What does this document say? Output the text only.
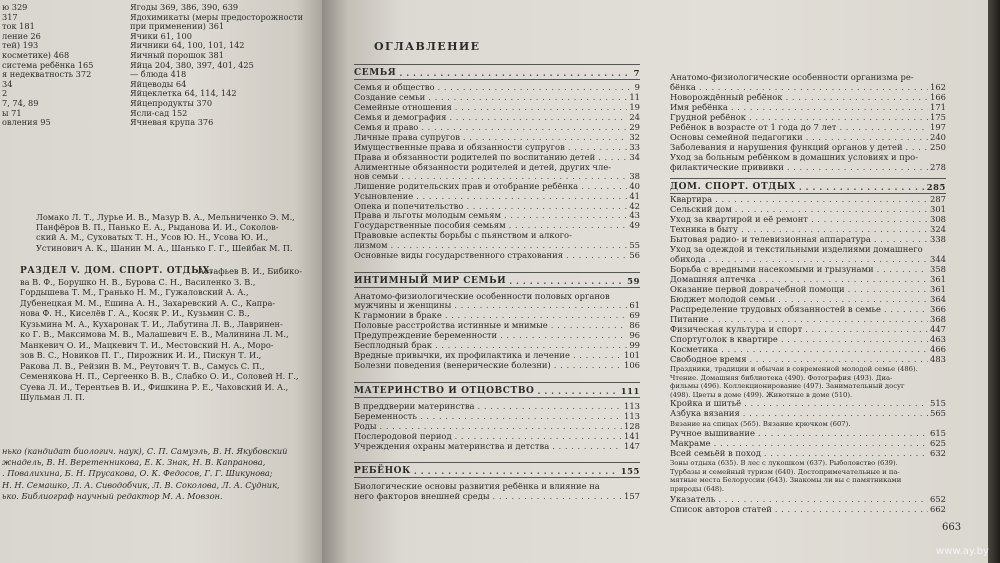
ю 329
317
ток 181
ление 26
тей) 193
косметике) 468
система ребёнка 165
я недекватность 372
34
2
7, 74, 89
ы 71
овления 95
Ягоды 369, 386, 390, 639
Ядохимикаты (меры предосторожности
при применении) 361
Ячики 61, 100
Яичники 64, 100, 101, 142
Яичный порошок 381
Яйца 204, 380, 397, 401, 425
— блюда 418
Яйцеводы 64
Яйцеклетка 64, 114, 142
Яйцепродукты 370
Ясли-сад 152
Ячневая крупа 376
Ломако Л. Т., Лурье И. В., Мазур В. А., Мельниченко Э. М.,
Панфёров В. П., Панько Е. А., Рыданова И. И., Соколов-
ский А. М., Суховатых Т. Н., Усов Ю. Н., Усова Ю. И.,
Устинович А. К., Шанин М. А., Шанько Г. Г., Шейбак М. П.
РАЗДЕЛ V. ДОМ. СПОРТ. ОТДЫХ.
Астафьев В. И., Бибико-
ва В. Ф., Борушко Н. В., Бурова С. Н., Василенко З. В.,
Гордышева Т. М., Гранько Н. М., Гужаловский А. А.,
Дубенецкая М. М., Ешина А. Н., Захаревский А. С., Капра-
нова Ф. Н., Киселёв Г. А., Косяк Р. И., Кузьмин С. В.,
Кузьмина М. А., Кухаронак Т. И., Лабутина Л. В., Лавринен-
ко Г. В., Максимова М. В., Малашевич Е. В., Малинина Л. М.,
Манкевич О. И., Мацкевич Т. И., Местовский Н. А., Моро-
зов В. С., Новиков П. Г., Пирожник И. И., Пискун Т. И.,
Ракова Л. В., Рейзин В. М., Реутович Т. В., Самусь С. П.,
Семенякова Н. П., Сергеенко В. В., Слабко О. И., Соловей Н. Г.,
Суева Л. И., Терентьев В. И., Фишкина Р. Е., Чаховский И. А.,
Шульман Л. П.
нько (кандидат биологич. наук), С. П. Самуэль, В. Н. Якубовский
жнадель, В. Н. Веретенникова, Е. К. Знак, Н. В. Капранова,
. Повалихина, Б. Н. Прусакова, О. К. Федосов, Г. Г. Шикунова;
Н. Н. Семашко, Л. А. Сиводобчик, Л. В. Соколова, Л. А. Судник,
ько. Библиограф научный редактор М. А. Мовзон.
ОГЛАВЛЕНИЕ
СЕМЬЯ . . .	7
Семья и общество . . .	9
Создание семьи . . .	11
Семейные отношения . . .	19
Семья и демография . . .	24
Семья и право . . .	29
Личные права супругов . . .	32
Имущественные права и обязанности супругов . . .	33
Права и обязанности родителей по воспитанию детей . . .	34
Алиментные обязанности родителей и детей, других чле-
нов семьи . . .	38
Лишение родительских прав и отобрание ребёнка . . .	40
Усыновление . . .	41
Опека и попечительство . . .	42
Права и льготы молодым семьям . . .	43
Государственные пособия семьям . . .	49
Правовые аспекты борьбы с пьянством и алкого-
лизмом . . .	55
Основные виды государственного страхования . . .	56
ИНТИМНЫЙ МИР СЕМЬИ . . .	59
Анатомо-физиологические особенности половых органов
мужчины и женщины . . .	61
К гармонии в браке . . .	69
Половые расстройства истинные и мнимые . . .	86
Предупреждение беременности . . .	96
Бесплодный брак . . .	99
Вредные привычки, их профилактика и лечение . . .	101
Болезни поведения (венерические болезни) . . .	106
МАТЕРИНСТВО И ОТЦОВСТВО . . .	111
В преддверии материнства . . .	113
Беременность . . .	113
Роды . . .	128
Послеродовой период . . .	141
Учреждения охраны материнства и детства . . .	147
РЕБЁНОК . . .	155
Биологические основы развития ребёнка и влияние на
него факторов внешней среды . . .	157
Анатомо-физиологические особенности организма ре-
бёнка . . .	162
Новорождённый ребёнок . . .	166
Имя ребёнка . . .	171
Грудной ребёнок . . .	175
Ребёнок в возрасте от 1 года до 7 лет . . .	197
Основы семейной педагогики . . .	240
Заболевания и нарушения функций органов у детей . . .	250
Уход за больным ребёнком в домашних условиях и про-
филактические прививки . . .	278
ДОМ. СПОРТ. ОТДЫХ . . .	285
Квартира . . .	287
Сельский дом . . .	301
Уход за квартирой и её ремонт . . .	308
Техника в быту . . .	324
Бытовая радио- и телевизионная аппаратура . . .	338
Уход за одеждой и текстильными изделиями домашнего
обихода . . .	344
Борьба с вредными насекомыми и грызунами . . .	358
Домашняя аптечка . . .	361
Оказание первой доврачебной помощи . . .	361
Бюджет молодой семьи . . .	364
Распределение трудовых обязанностей в семье . . .	366
Питание . . .	368
Физическая культура и спорт . . .	447
Спортуголок в квартире . . .	463
Косметика . . .	466
Свободное время . . .	483
Праздники, традиции и обычаи в современной молодой семье (486).
Чтение. Домашняя библиотека (490). Фотография (493). Диа-
фильмы (496). Коллекционирование (497). Занимательный досуг
(498). Цветы в доме (499). Животные в доме (510).
Кройка и шитьё . . .	515
Азбука вязания . . .	565
Вязание на спицах (565). Вязание крючком (607).
Ручное вышивание . . .	615
Макраме . . .	625
Всей семьёй в поход . . .	632
Зоны отдыха (635). В лес с лукошком (637). Рыболовство (639).
Турбазы и семейный туризм (640). Достопримечательные и па-
мятные места Белоруссии (643). Знакомы ли вы с памятниками
природы (648).
Указатель . . .	652
Список авторов статей . . .	662
663
www.ay.by
